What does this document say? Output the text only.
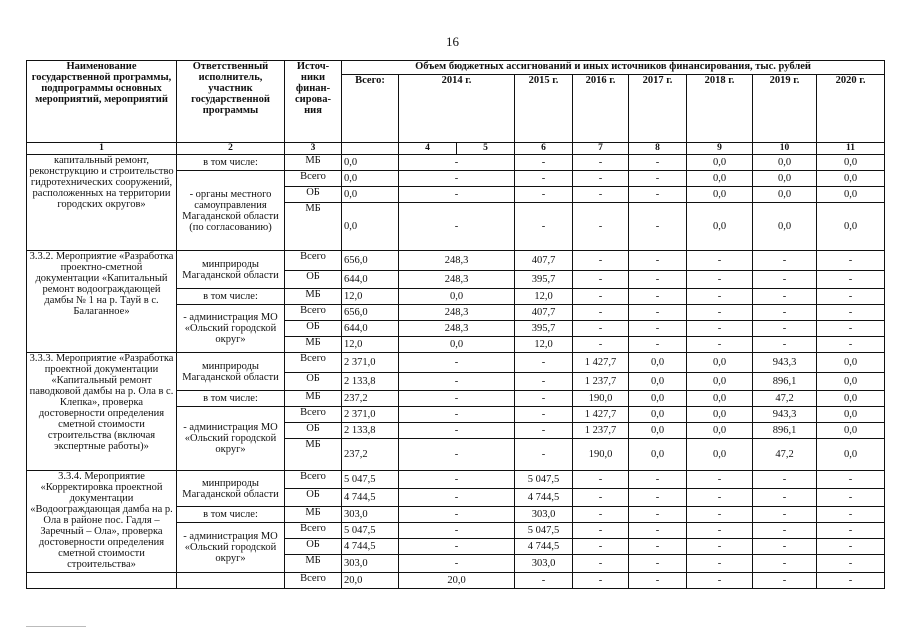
16
Наименование государственной программы, подпрограммы основных мероприятий, мероприятий	Ответственный исполнитель, участник государственной программы	Источ-ники финан-сирова-ния	Объем бюджетных ассигнований и иных источников финансирования, тыс. рублей									
			Всего:	2014 г.		2015 г.	2016 г.	2017 г.	2018 г.	2019 г.	2020 г.	
1	2	3		4	5	6	7	8	9	10	11	
капитальный ремонт, реконструкцию и строительство гидротехнических сооружений, расположенных на территории городских округов»	в том числе:	МБ	0,0	-		-	-	-	0,0	0,0	0,0	
	- органы местного самоуправления Магаданской области (по согласованию)	Всего	0,0	-		-	-	-	0,0	0,0	0,0	
		ОБ	0,0	-		-	-	-	0,0	0,0	0,0	
		МБ	0,0	-		-	-	-	0,0	0,0	0,0	
3.3.2. Мероприятие «Разработка проектно-сметной документации «Капитальный ремонт водоограждающей дамбы № 1 на р. Тауй в с. Балаганное»	минприроды Магаданской области	Всего	656,0	248,3		407,7	-	-	-	-	-	
		ОБ	644,0	248,3		395,7	-	-	-	-	-	
	в том числе:	МБ	12,0	0,0		12,0	-	-	-	-	-	
	- администрация МО «Ольский городской округ»	Всего	656,0	248,3		407,7	-	-	-	-	-	
		ОБ	644,0	248,3		395,7	-	-	-	-	-	
		МБ	12,0	0,0		12,0	-	-	-	-	-	
3.3.3. Мероприятие «Разработка проектной документации «Капитальный ремонт паводковой дамбы на р. Ола в с. Клепка», проверка достоверности определения сметной стоимости строительства (включая экспертные работы)»	минприроды Магаданской области	Всего	2 371,0	-		-	1 427,7	0,0	0,0	943,3	0,0	
		ОБ	2 133,8	-		-	1 237,7	0,0	0,0	896,1	0,0	
	в том числе:	МБ	237,2	-		-	190,0	0,0	0,0	47,2	0,0	
	- администрация МО «Ольский городской округ»	Всего	2 371,0	-		-	1 427,7	0,0	0,0	943,3	0,0	
		ОБ	2 133,8	-		-	1 237,7	0,0	0,0	896,1	0,0	
		МБ	237,2	-		-	190,0	0,0	0,0	47,2	0,0	
3.3.4. Мероприятие «Корректировка проектной документации «Водоограждающая дамба на р. Ола в районе пос. Гадля – Заречный – Ола», проверка достоверности определения сметной стоимости строительства»	минприроды Магаданской области	Всего	5 047,5	-		5 047,5	-	-	-	-	-	
		ОБ	4 744,5	-		4 744,5	-	-	-	-	-	
	в том числе:	МБ	303,0	-		303,0	-	-	-	-	-	
	- администрация МО «Ольский городской округ»	Всего	5 047,5	-		5 047,5	-	-	-	-	-	
		ОБ	4 744,5	-		4 744,5	-	-	-	-	-	
		МБ	303,0	-		303,0	-	-	-	-	-	
		Всего	20,0	20,0		-	-	-	-	-	-	
